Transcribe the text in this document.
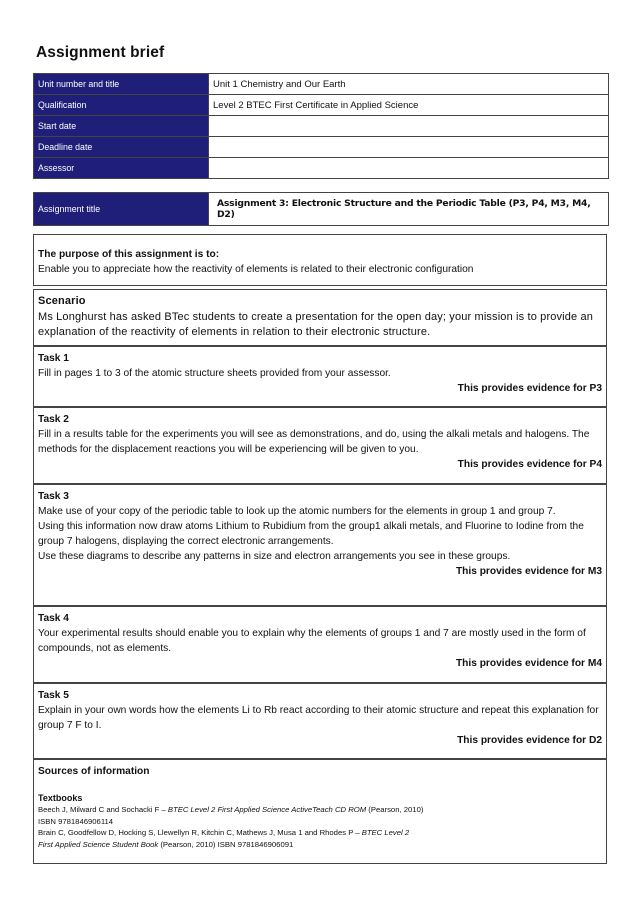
Assignment brief
Unit number and title	Unit 1 Chemistry and Our Earth
Qualification	Level 2 BTEC First Certificate in Applied Science
Start date	
Deadline date	
Assessor	
Assignment title	Assignment 3: Electronic Structure and the Periodic Table (P3, P4, M3, M4, D2)
The purpose of this assignment is to:
Enable you to appreciate how the reactivity of elements is related to their electronic configuration
Scenario
Ms Longhurst has asked BTec students to create a presentation for the open day; your mission is to provide an explanation of the reactivity of elements in relation to their electronic structure.
Task 1
Fill in pages 1 to 3 of the atomic structure sheets provided from your assessor.
This provides evidence for P3
Task 2
Fill in a results table for the experiments you will see as demonstrations, and do, using the alkali metals and halogens. The methods for the displacement reactions you will be experiencing will be given to you.
This provides evidence for P4
Task 3
Make use of your copy of the periodic table to look up the atomic numbers for the elements in group 1 and group 7.
Using this information now draw atoms Lithium to Rubidium from the group1 alkali metals, and Fluorine to Iodine from the group 7 halogens, displaying the correct electronic arrangements.
Use these diagrams to describe any patterns in size and electron arrangements you see in these groups.
This provides evidence for M3
Task 4
Your experimental results should enable you to explain why the elements of groups 1 and 7 are mostly used in the form of compounds, not as elements.
This provides evidence for M4
Task 5
Explain in your own words how the elements Li to Rb react according to their atomic structure and repeat this explanation for group 7 F to I.
This provides evidence for D2
Sources of information
Textbooks
Beech J, Milward C and Sochacki F – BTEC Level 2 First Applied Science ActiveTeach CD ROM (Pearson, 2010)
ISBN 9781846906114
Brain C, Goodfellow D, Hocking S, Llewellyn R, Kitchin C, Mathews J, Musa 1 and Rhodes P – BTEC Level 2
First Applied Science Student Book (Pearson, 2010) ISBN 9781846906091
